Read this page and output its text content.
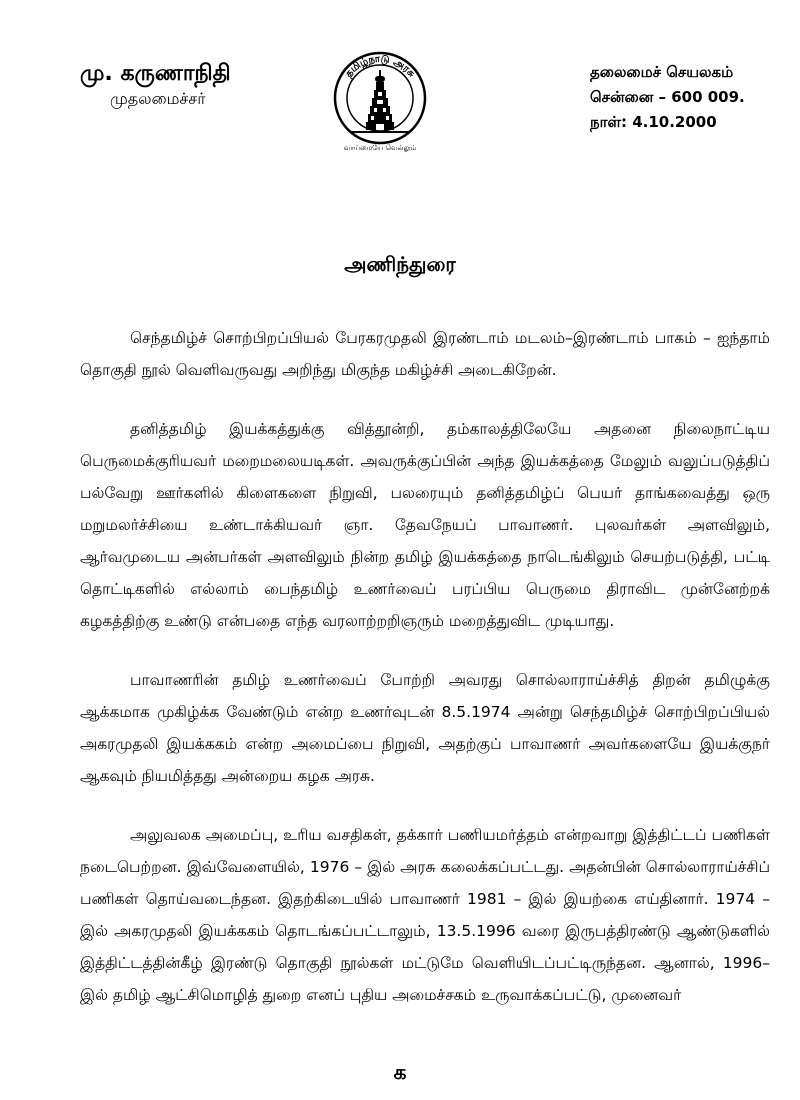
மு. கருணாநிதி
முதலமைச்சர்
தமிழ்நாடு அரசு
வாய்மையே வெல்லும்
தலைமைச் செயலகம்
சென்னை – 600 009.
நாள்: 4.10.2000
அணிந்துரை

செந்தமிழ்ச் சொற்பிறப்பியல் பேரகரமுதலி இரண்டாம் மடலம்–இரண்டாம் பாகம் – ஐந்தாம் தொகுதி நூல் வெளிவருவது அறிந்து மிகுந்த மகிழ்ச்சி அடைகிறேன்.

தனித்தமிழ் இயக்கத்துக்கு வித்தூன்றி, தம்காலத்திலேயே அதனை நிலைநாட்டிய பெருமைக்குரியவர் மறைமலையடிகள். அவருக்குப்பின் அந்த இயக்கத்தை மேலும் வலுப்படுத்திப் பல்வேறு ஊர்களில் கிளைகளை நிறுவி, பலரையும் தனித்தமிழ்ப் பெயர் தாங்கவைத்து ஒரு மறுமலர்ச்சியை உண்டாக்கியவர் ஞா. தேவநேயப் பாவாணர். புலவர்கள் அளவிலும், ஆர்வமுடைய அன்பர்கள் அளவிலும் நின்ற தமிழ் இயக்கத்தை நாடெங்கிலும் செயற்படுத்தி, பட்டி தொட்டிகளில் எல்லாம் பைந்தமிழ் உணர்வைப் பரப்பிய பெருமை திராவிட முன்னேற்றக் கழகத்திற்கு உண்டு என்பதை எந்த வரலாற்றறிஞரும் மறைத்துவிட முடியாது.

பாவாணரின் தமிழ் உணர்வைப் போற்றி அவரது சொல்லாராய்ச்சித் திறன் தமிழுக்கு ஆக்கமாக முகிழ்க்க வேண்டும் என்ற உணர்வுடன் 8.5.1974 அன்று செந்தமிழ்ச் சொற்பிறப்பியல் அகரமுதலி இயக்ககம் என்ற அமைப்பை நிறுவி, அதற்குப் பாவாணர் அவர்களையே இயக்குநர் ஆகவும் நியமித்தது அன்றைய கழக அரசு.

அலுவலக அமைப்பு, உரிய வசதிகள், தக்கார் பணியமர்த்தம் என்றவாறு இத்திட்டப் பணிகள் நடைபெற்றன. இவ்வேளையில், 1976 – இல் அரசு கலைக்கப்பட்டது. அதன்பின் சொல்லாராய்ச்சிப் பணிகள் தொய்வடைந்தன. இதற்கிடையில் பாவாணர் 1981 – இல் இயற்கை எய்தினார். 1974 – இல் அகரமுதலி இயக்ககம் தொடங்கப்பட்டாலும், 13.5.1996 வரை இருபத்திரண்டு ஆண்டுகளில் இத்திட்டத்தின்கீழ் இரண்டு தொகுதி நூல்கள் மட்டுமே வெளியிடப்பட்டிருந்தன. ஆனால், 1996– இல் தமிழ் ஆட்சிமொழித் துறை எனப் புதிய அமைச்சகம் உருவாக்கப்பட்டு, முனைவர்

க
